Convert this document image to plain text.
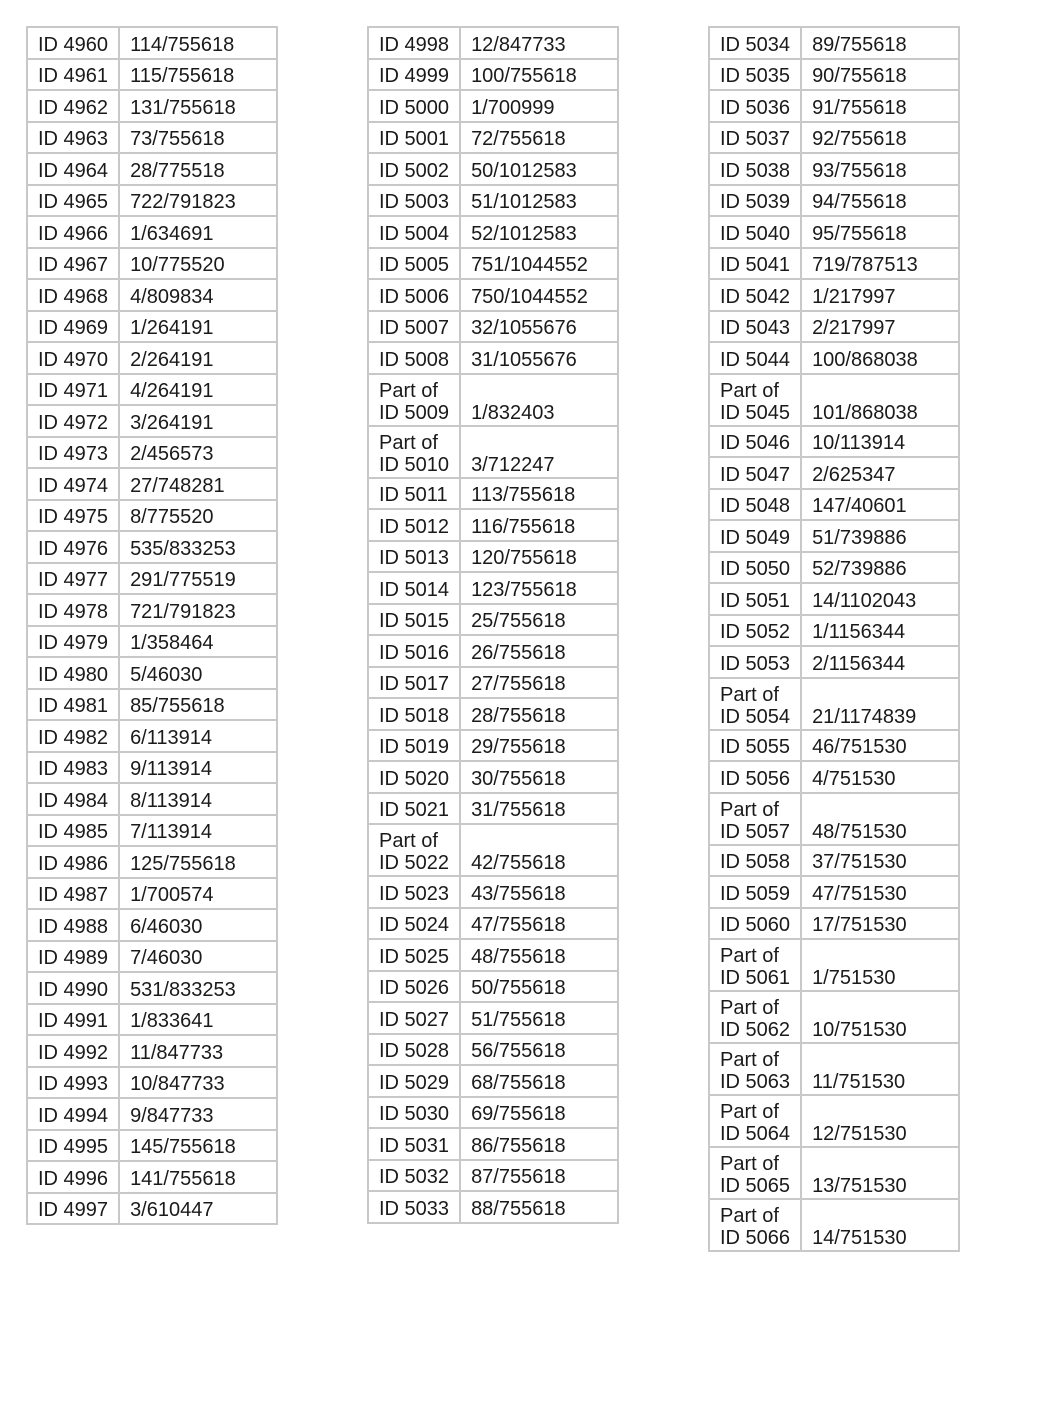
ID 4960	114/755618
ID 4961	115/755618
ID 4962	131/755618
ID 4963	73/755618
ID 4964	28/775518
ID 4965	722/791823
ID 4966	1/634691
ID 4967	10/775520
ID 4968	4/809834
ID 4969	1/264191
ID 4970	2/264191
ID 4971	4/264191
ID 4972	3/264191
ID 4973	2/456573
ID 4974	27/748281
ID 4975	8/775520
ID 4976	535/833253
ID 4977	291/775519
ID 4978	721/791823
ID 4979	1/358464
ID 4980	5/46030
ID 4981	85/755618
ID 4982	6/113914
ID 4983	9/113914
ID 4984	8/113914
ID 4985	7/113914
ID 4986	125/755618
ID 4987	1/700574
ID 4988	6/46030
ID 4989	7/46030
ID 4990	531/833253
ID 4991	1/833641
ID 4992	11/847733
ID 4993	10/847733
ID 4994	9/847733
ID 4995	145/755618
ID 4996	141/755618
ID 4997	3/610447
ID 4998	12/847733
ID 4999	100/755618
ID 5000	1/700999
ID 5001	72/755618
ID 5002	50/1012583
ID 5003	51/1012583
ID 5004	52/1012583
ID 5005	751/1044552
ID 5006	750/1044552
ID 5007	32/1055676
ID 5008	31/1055676

Part of
ID 5009	1/832403

Part of
ID 5010	3/712247
ID 5011	113/755618
ID 5012	116/755618
ID 5013	120/755618
ID 5014	123/755618
ID 5015	25/755618
ID 5016	26/755618
ID 5017	27/755618
ID 5018	28/755618
ID 5019	29/755618
ID 5020	30/755618
ID 5021	31/755618

Part of
ID 5022	42/755618
ID 5023	43/755618
ID 5024	47/755618
ID 5025	48/755618
ID 5026	50/755618
ID 5027	51/755618
ID 5028	56/755618
ID 5029	68/755618
ID 5030	69/755618
ID 5031	86/755618
ID 5032	87/755618
ID 5033	88/755618
ID 5034	89/755618
ID 5035	90/755618
ID 5036	91/755618
ID 5037	92/755618
ID 5038	93/755618
ID 5039	94/755618
ID 5040	95/755618
ID 5041	719/787513
ID 5042	1/217997
ID 5043	2/217997
ID 5044	100/868038

Part of
ID 5045	101/868038
ID 5046	10/113914
ID 5047	2/625347
ID 5048	147/40601
ID 5049	51/739886
ID 5050	52/739886
ID 5051	14/1102043
ID 5052	1/1156344
ID 5053	2/1156344

Part of
ID 5054	21/1174839
ID 5055	46/751530
ID 5056	4/751530

Part of
ID 5057	48/751530
ID 5058	37/751530
ID 5059	47/751530
ID 5060	17/751530

Part of
ID 5061	1/751530

Part of
ID 5062	10/751530

Part of
ID 5063	11/751530

Part of
ID 5064	12/751530

Part of
ID 5065	13/751530

Part of
ID 5066	14/751530
